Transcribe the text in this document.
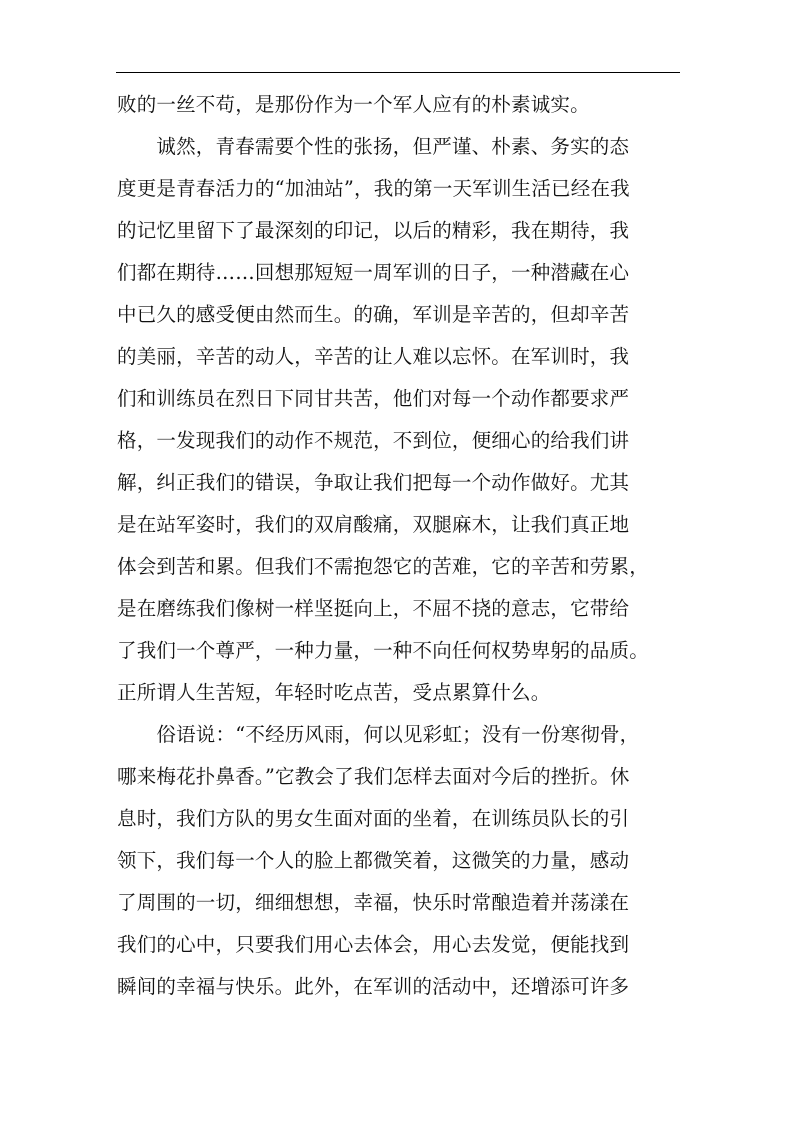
败的一丝不苟，是那份作为一个军人应有的朴素诚实。
　　诚然，青春需要个性的张扬，但严谨、朴素、务实的态
度更是青春活力的“加油站”，我的第一天军训生活已经在我
的记忆里留下了最深刻的印记，以后的精彩，我在期待，我
们都在期待……回想那短短一周军训的日子，一种潜藏在心
中已久的感受便由然而生。的确，军训是辛苦的，但却辛苦
的美丽，辛苦的动人，辛苦的让人难以忘怀。在军训时，我
们和训练员在烈日下同甘共苦，他们对每一个动作都要求严
格，一发现我们的动作不规范，不到位，便细心的给我们讲
解，纠正我们的错误，争取让我们把每一个动作做好。尤其
是在站军姿时，我们的双肩酸痛，双腿麻木，让我们真正地
体会到苦和累。但我们不需抱怨它的苦难，它的辛苦和劳累，
是在磨练我们像树一样坚挺向上，不屈不挠的意志，它带给
了我们一个尊严，一种力量，一种不向任何权势卑躬的品质。
正所谓人生苦短，年轻时吃点苦，受点累算什么。
　　俗语说：“不经历风雨，何以见彩虹；没有一份寒彻骨，
哪来梅花扑鼻香。”它教会了我们怎样去面对今后的挫折。休
息时，我们方队的男女生面对面的坐着，在训练员队长的引
领下，我们每一个人的脸上都微笑着，这微笑的力量，感动
了周围的一切，细细想想，幸福，快乐时常酿造着并荡漾在
我们的心中，只要我们用心去体会，用心去发觉，便能找到
瞬间的幸福与快乐。此外，在军训的活动中，还增添可许多
